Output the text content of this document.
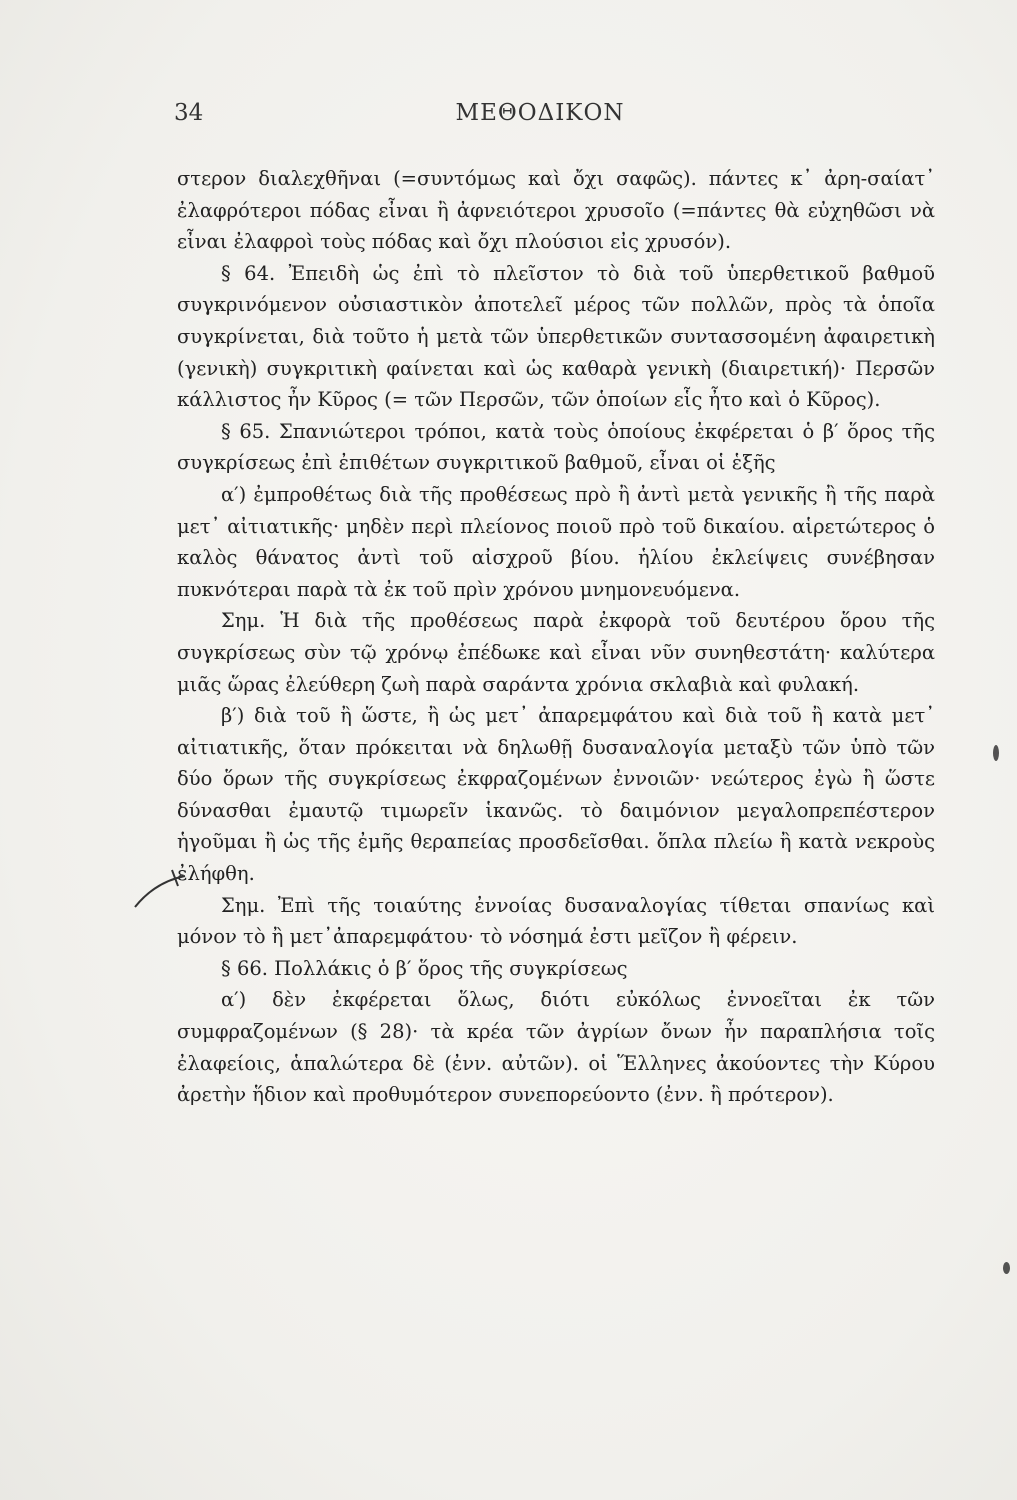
34	ΜΕΘΟΔΙΚΟΝ

στερον διαλεχθῆναι (=συντόμως καὶ ὄχι σαφῶς). πάντες κ᾿ ἀρη-σαίατ᾿ ἐλαφρότεροι πόδας εἶναι ἢ ἀφνειότεροι χρυσοῖο (=πάντες θὰ εὐχηθῶσι νὰ εἶναι ἐλαφροὶ τοὺς πόδας καὶ ὄχι πλούσιοι εἰς χρυσόν).

§ 64. Ἐπειδὴ ὡς ἐπὶ τὸ πλεῖστον τὸ διὰ τοῦ ὑπερθετικοῦ βαθμοῦ συγκρινόμενον οὐσιαστικὸν ἀποτελεῖ μέρος τῶν πολλῶν, πρὸς τὰ ὁποῖα συγκρίνεται, διὰ τοῦτο ἡ μετὰ τῶν ὑπερθετικῶν συντασσομένη ἀφαιρετικὴ (γενικὴ) συγκριτικὴ φαίνεται καὶ ὡς καθαρὰ γενικὴ (διαιρετική)· Περσῶν κάλλιστος ἦν Κῦρος (= τῶν Περσῶν, τῶν ὁποίων εἷς ἦτο καὶ ὁ Κῦρος).

§ 65. Σπανιώτεροι τρόποι, κατὰ τοὺς ὁποίους ἐκφέρεται ὁ β′ ὅρος τῆς συγκρίσεως ἐπὶ ἐπιθέτων συγκριτικοῦ βαθμοῦ, εἶναι οἱ ἑξῆς

α′) ἐμπροθέτως διὰ τῆς προθέσεως πρὸ ἢ ἀντὶ μετὰ γενικῆς ἢ τῆς παρὰ μετ᾿ αἰτιατικῆς· μηδὲν περὶ πλείονος ποιοῦ πρὸ τοῦ δικαίου. αἱρετώτερος ὁ καλὸς θάνατος ἀντὶ τοῦ αἰσχροῦ βίου. ἡλίου ἐκλείψεις συνέβησαν πυκνότεραι παρὰ τὰ ἐκ τοῦ πρὶν χρόνου μνημονευόμενα.

Σημ. Ἡ διὰ τῆς προθέσεως παρὰ ἐκφορὰ τοῦ δευτέρου ὅρου τῆς συγκρίσεως σὺν τῷ χρόνῳ ἐπέδωκε καὶ εἶναι νῦν συνηθεστάτη· καλύτερα μιᾶς ὥρας ἐλεύθερη ζωὴ παρὰ σαράντα χρόνια σκλαβιὰ καὶ φυλακή.

β′) διὰ τοῦ ἢ ὥστε, ἢ ὡς μετ᾿ ἀπαρεμφάτου καὶ διὰ τοῦ ἢ κατὰ μετ᾿ αἰτιατικῆς, ὅταν πρόκειται νὰ δηλωθῇ δυσαναλογία μεταξὺ τῶν ὑπὸ τῶν δύο ὅρων τῆς συγκρίσεως ἐκφραζομένων ἐννοιῶν· νεώτερος ἐγὼ ἢ ὥστε δύνασθαι ἐμαυτῷ τιμωρεῖν ἱκανῶς. τὸ δαιμόνιον μεγαλοπρεπέστερον ἡγοῦμαι ἢ ὡς τῆς ἐμῆς θεραπείας προσδεῖσθαι. ὅπλα πλείω ἢ κατὰ νεκροὺς ἐλήφθη.

Σημ. Ἐπὶ τῆς τοιαύτης ἐννοίας δυσαναλογίας τίθεται σπανίως καὶ μόνον τὸ ἢ μετ᾿ἀπαρεμφάτου· τὸ νόσημά ἐστι μεῖζον ἢ φέρειν.

§ 66. Πολλάκις ὁ β′ ὅρος τῆς συγκρίσεως

α′) δὲν ἐκφέρεται ὅλως, διότι εὐκόλως ἐννοεῖται ἐκ τῶν συμφραζομένων (§ 28)· τὰ κρέα τῶν ἀγρίων ὄνων ἦν παραπλήσια τοῖς ἐλαφείοις, ἁπαλώτερα δὲ (ἐνν. αὐτῶν). οἱ Ἕλληνες ἀκούοντες τὴν Κύρου ἀρετὴν ἥδιον καὶ προθυμότερον συνεπορεύοντο (ἐνν. ἢ πρότερον).
